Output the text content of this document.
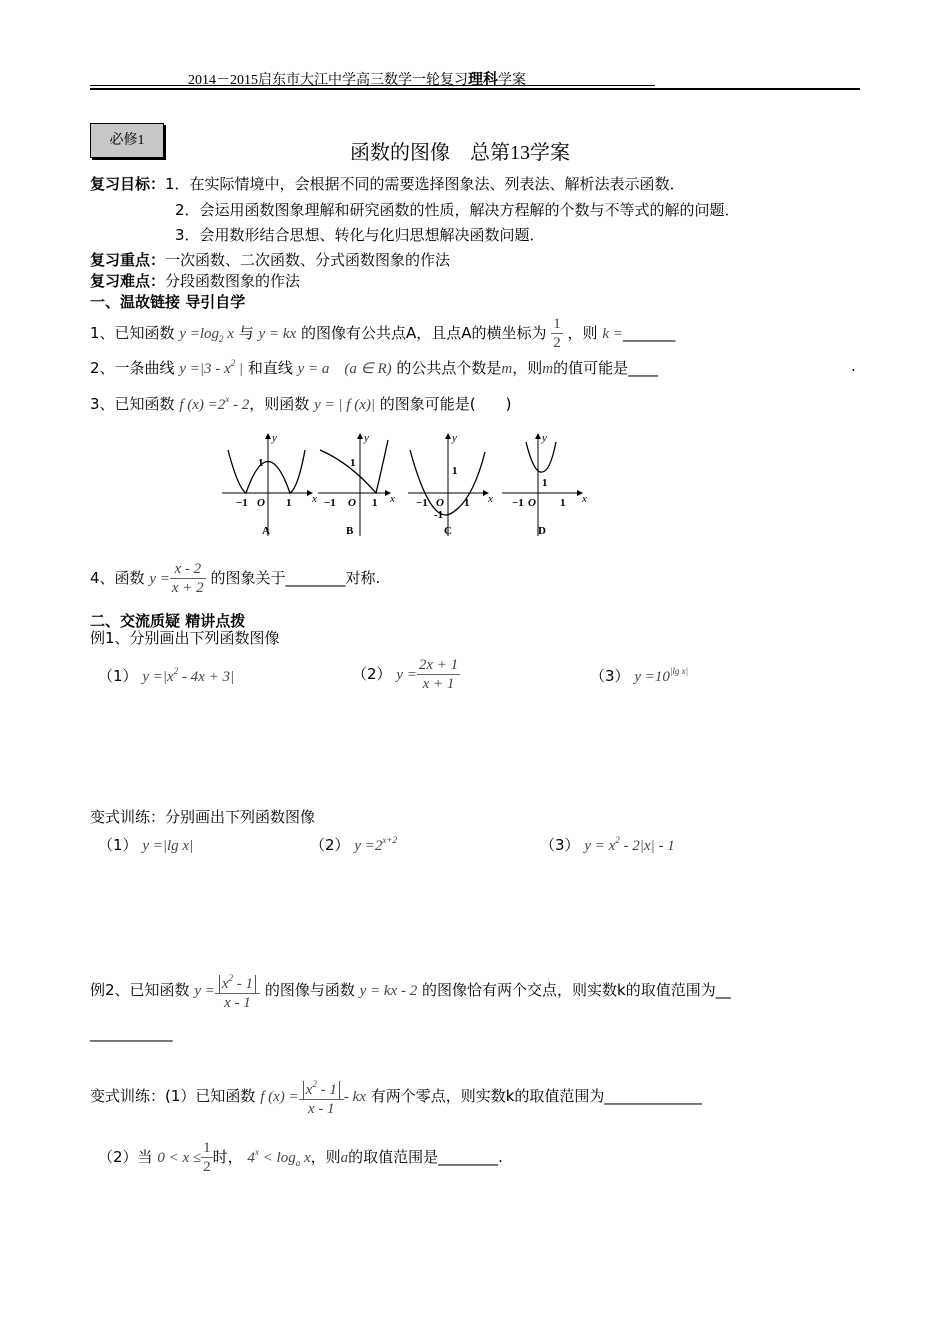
2014－2015启东市大江中学高三数学一轮复习理科学案
必修1
函数的图像　总第13学案
复习目标：1．在实际情境中，会根据不同的需要选择图象法、列表法、解析法表示函数．
2．会运用函数图象理解和研究函数的性质，解决方程解的个数与不等式的解的问题．
3．会用数形结合思想、转化与化归思想解决函数问题．
复习重点：一次函数、二次函数、分式函数图象的作法
复习难点：分段函数图象的作法
一、温故链接 导引自学
1、已知函数 $y =\log_2$ x 与 y = kx 的图像有公共点A，且点A的横坐标为 $\frac{1}{2}$ ，则 k =_______
2、一条曲线 $y =|3 - x^2$ | 和直线 y = a    (a ∈ R) 的公共点个数是m，则m的值可能是____	.
3、已知函数 f $(x) =2^x - 2$，则函数 y = | f (x)| 的图象可能是(　　)
x
y
1
−1 O 1
A
x
y
1
−1 O 1
B
x
y
1
−1 O 1
-1
C
x
y
1
−1 O 1
D
4、函数 $y = \frac{x - 2}{x + 2}$ 的图象关于________对称.
二、交流质疑 精讲点拨
例1、分别画出下列函数图像
（1） $y =|x^2 - 4x + 3|$	（2） $y = \frac{2x + 1}{x + 1}$	（3） $y =10^{|lg x|}$
变式训练：分别画出下列函数图像
（1） y =|lg x|	（2） $y =2^{x+2}$	（3） $y = x^2 - 2|x| - 1$
例2、已知函数 $y = \frac{x^2 - 1}{x - 1}$ 的图像与函数 y = kx - 2 的图像恰有两个交点，则实数k的取值范围为__
___________
变式训练：(1）已知函数 f $(x) = \frac{x^2 - 1}{x - 1}$ - kx 有两个零点，则实数k的取值范围为_____________
（2）当 $0 < x \le \frac{1}{2}$ 时， $4^x < \log_a x$，则a的取值范围是________.
